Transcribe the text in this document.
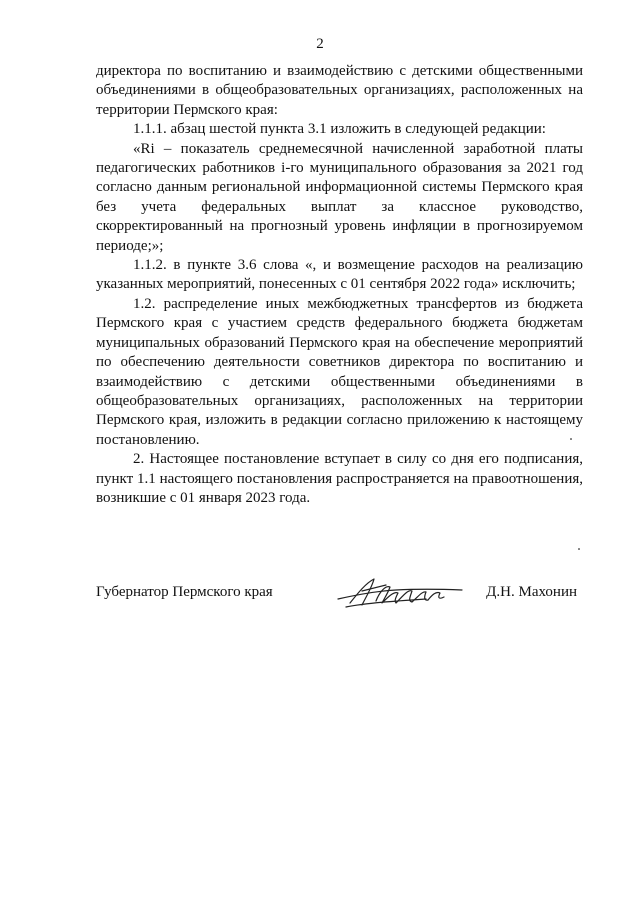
2

директора по воспитанию и взаимодействию с детскими общественными объединениями в общеобразовательных организациях, расположенных на территории Пермского края:

1.1.1. абзац шестой пункта 3.1 изложить в следующей редакции:

«Ri – показатель среднемесячной начисленной заработной платы педагогических работников i-го муниципального образования за 2021 год согласно данным региональной информационной системы Пермского края без учета федеральных выплат за классное руководство, скорректированный на прогнозный уровень инфляции в прогнозируемом периоде;»;

1.1.2. в пункте 3.6 слова «, и возмещение расходов на реализацию указанных мероприятий, понесенных с 01 сентября 2022 года» исключить;

1.2. распределение иных межбюджетных трансфертов из бюджета Пермского края с участием средств федерального бюджета бюджетам муниципальных образований Пермского края на обеспечение мероприятий по обеспечению деятельности советников директора по воспитанию и взаимодействию с детскими общественными объединениями в общеобразовательных организациях, расположенных на территории Пермского края, изложить в редакции согласно приложению к настоящему постановлению.

2. Настоящее постановление вступает в силу со дня его подписания, пункт 1.1 настоящего постановления распространяется на правоотношения, возникшие с 01 января 2023 года.

Губернатор Пермского края	Д.Н. Махонин
